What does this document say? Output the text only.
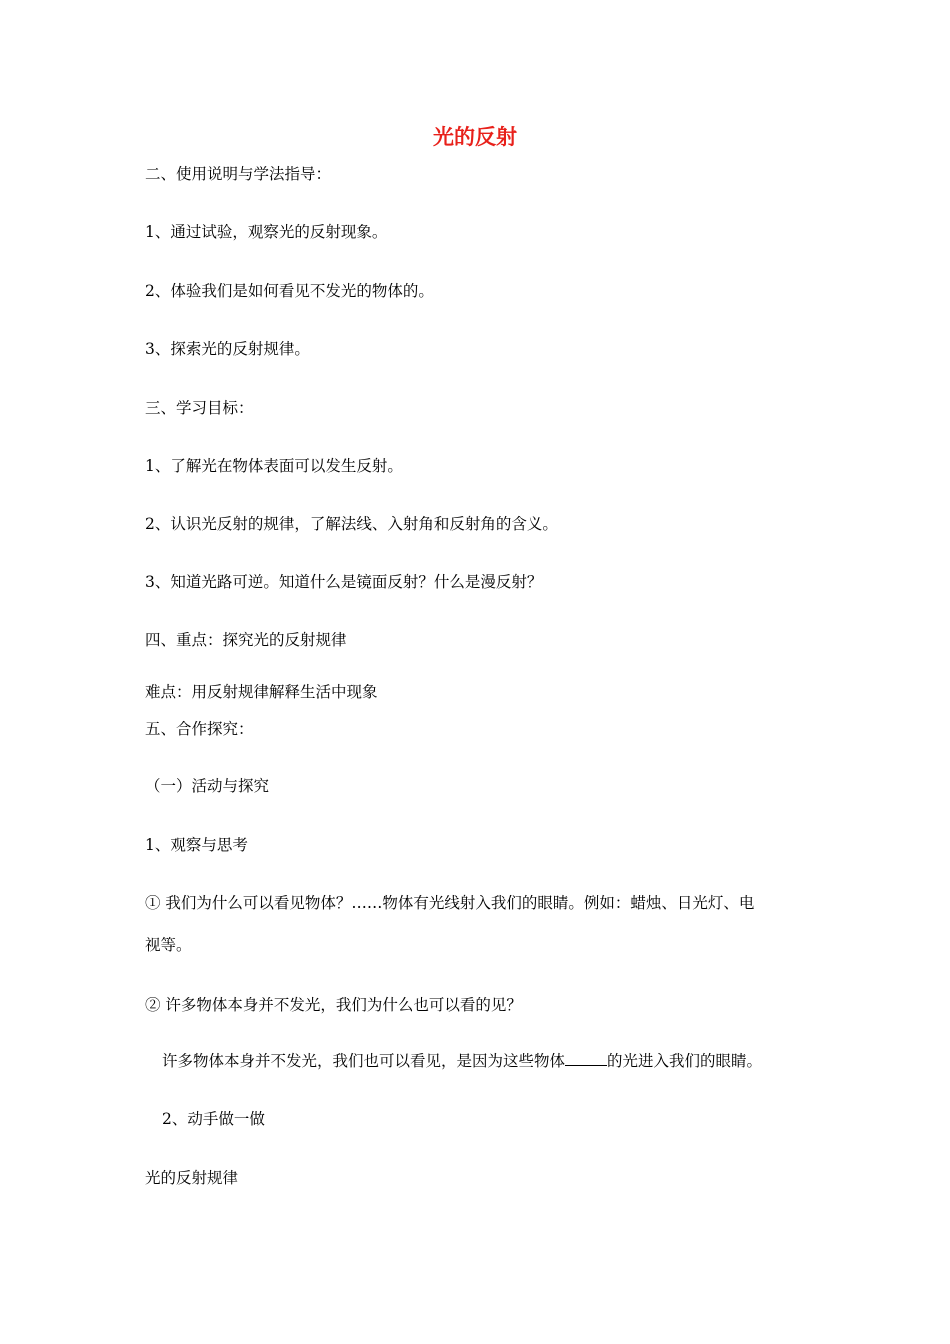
光的反射
二、使用说明与学法指导：
1、通过试验，观察光的反射现象。
2、体验我们是如何看见不发光的物体的。
3、探索光的反射规律。
三、学习目标：
1、了解光在物体表面可以发生反射。
2、认识光反射的规律，了解法线、入射角和反射角的含义。
3、知道光路可逆。知道什么是镜面反射？什么是漫反射？
四、重点：探究光的反射规律
难点：用反射规律解释生活中现象
五、合作探究：
（一）活动与探究
1、观察与思考
① 我们为什么可以看见物体？……物体有光线射入我们的眼睛。例如：蜡烛、日光灯、电
视等。
② 许多物体本身并不发光，我们为什么也可以看的见？
许多物体本身并不发光，我们也可以看见，是因为这些物体	的光进入我们的眼睛。
2、动手做一做
光的反射规律
